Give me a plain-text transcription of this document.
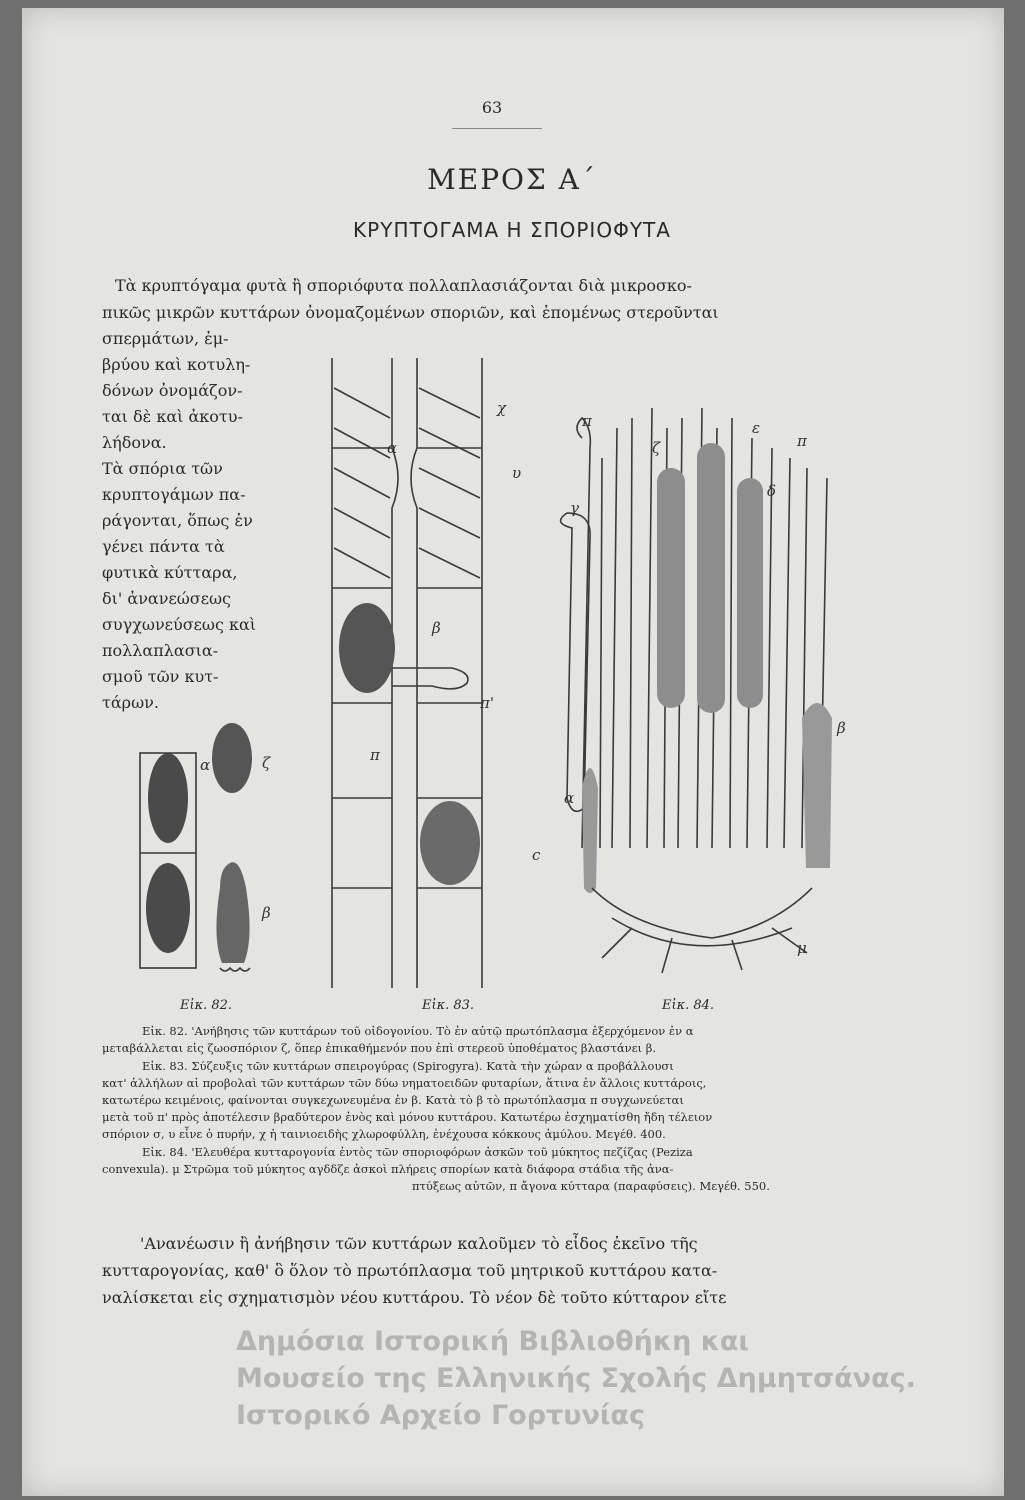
63
ΜΕΡΟΣ Α΄
ΚΡΥΠΤΟΓΑΜΑ Η ΣΠΟΡΙΟΦΥΤΑ
Τὰ κρυπτόγαμα φυτὰ ἢ σποριόφυτα πολλαπλασιάζονται διὰ μικροσκο-
πικῶς μικρῶν κυττάρων ὀνομαζομένων σποριῶν, καὶ ἑπομένως στεροῦνται
σπερμάτων, ἐμ-
βρύου καὶ κοτυλη-
δόνων ὀνομάζον-
ται δὲ καὶ ἀκοτυ-
λήδονα.
Τὰ σπόρια τῶν
κρυπτογάμων πα-
ράγονται, ὅπως ἐν
γένει πάντα τὰ
φυτικὰ κύτταρα,
δι' ἀνανεώσεως
συγχωνεύσεως καὶ
πολλαπλασια-
σμοῦ τῶν κυτ-
τάρων.
α	ζ
β
χ
α
υ
β
π'
π
c
π	ε
π
ζ
γ
δ
β
α
μ
Εἰκ. 82.	Εἰκ. 83.	Εἰκ. 84.
Εἰκ. 82. 'Ανήβησις τῶν κυττάρων τοῦ οἰδογονίου. Τὸ ἐν αὐτῷ πρωτόπλασμα ἐξερχόμενον ἐν α
μεταβάλλεται εἰς ζωοσπόριον ζ, ὅπερ ἐπικαθήμενόν που ἐπὶ στερεοῦ ὑποθέματος βλαστάνει β.
Εἰκ. 83. Σύζευξις τῶν κυττάρων σπειρογύρας (Spirogyra). Κατὰ τὴν χώραν α προβάλλουσι
κατ' ἀλλήλων αἱ προβολαὶ τῶν κυττάρων τῶν δύω νηματοειδῶν φυταρίων, ἅτινα ἐν ἄλλοις κυττάροις,
κατωτέρω κειμένοις, φαίνονται συγκεχωνευμένα ἐν β. Κατὰ τὸ β τὸ πρωτόπλασμα π συγχωνεύεται
μετὰ τοῦ π' πρὸς ἀποτέλεσιν βραδύτερον ἑνὸς καὶ μόνου κυττάρου. Κατωτέρω ἐσχηματίσθη ἤδη τέλειον
σπόριον σ, υ εἶνε ὁ πυρήν, χ ἡ ταινιοειδὴς χλωροφύλλη, ἐνέχουσα κόκκους ἀμύλου. Μεγέθ. 400.
Εἰκ. 84. 'Ελευθέρα κυτταρογονία ἐντὸς τῶν σποριοφόρων ἀσκῶν τοῦ μύκητος πεζίζας (Peziza
convexula). μ Στρῶμα τοῦ μύκητος αγδδζε ἀσκοὶ πλήρεις σπορίων κατὰ διάφορα στάδια τῆς ἀνα-
πτύξεως αὐτῶν, π ἄγονα κύτταρα (παραφύσεις). Μεγέθ. 550.
'Ανανέωσιν ἢ ἀνήβησιν τῶν κυττάρων καλοῦμεν τὸ εἶδος ἐκεῖνο τῆς
κυτταρογονίας, καθ' ὃ ὅλον τὸ πρωτόπλασμα τοῦ μητρικοῦ κυττάρου κατα-
ναλίσκεται εἰς σχηματισμὸν νέου κυττάρου. Τὸ νέον δὲ τοῦτο κύτταρον εἴτε
Δημόσια Ιστορική Βιβλιοθήκη και
Μουσείο της Ελληνικής Σχολής Δημητσάνας.
Ιστορικό Αρχείο Γορτυνίας
